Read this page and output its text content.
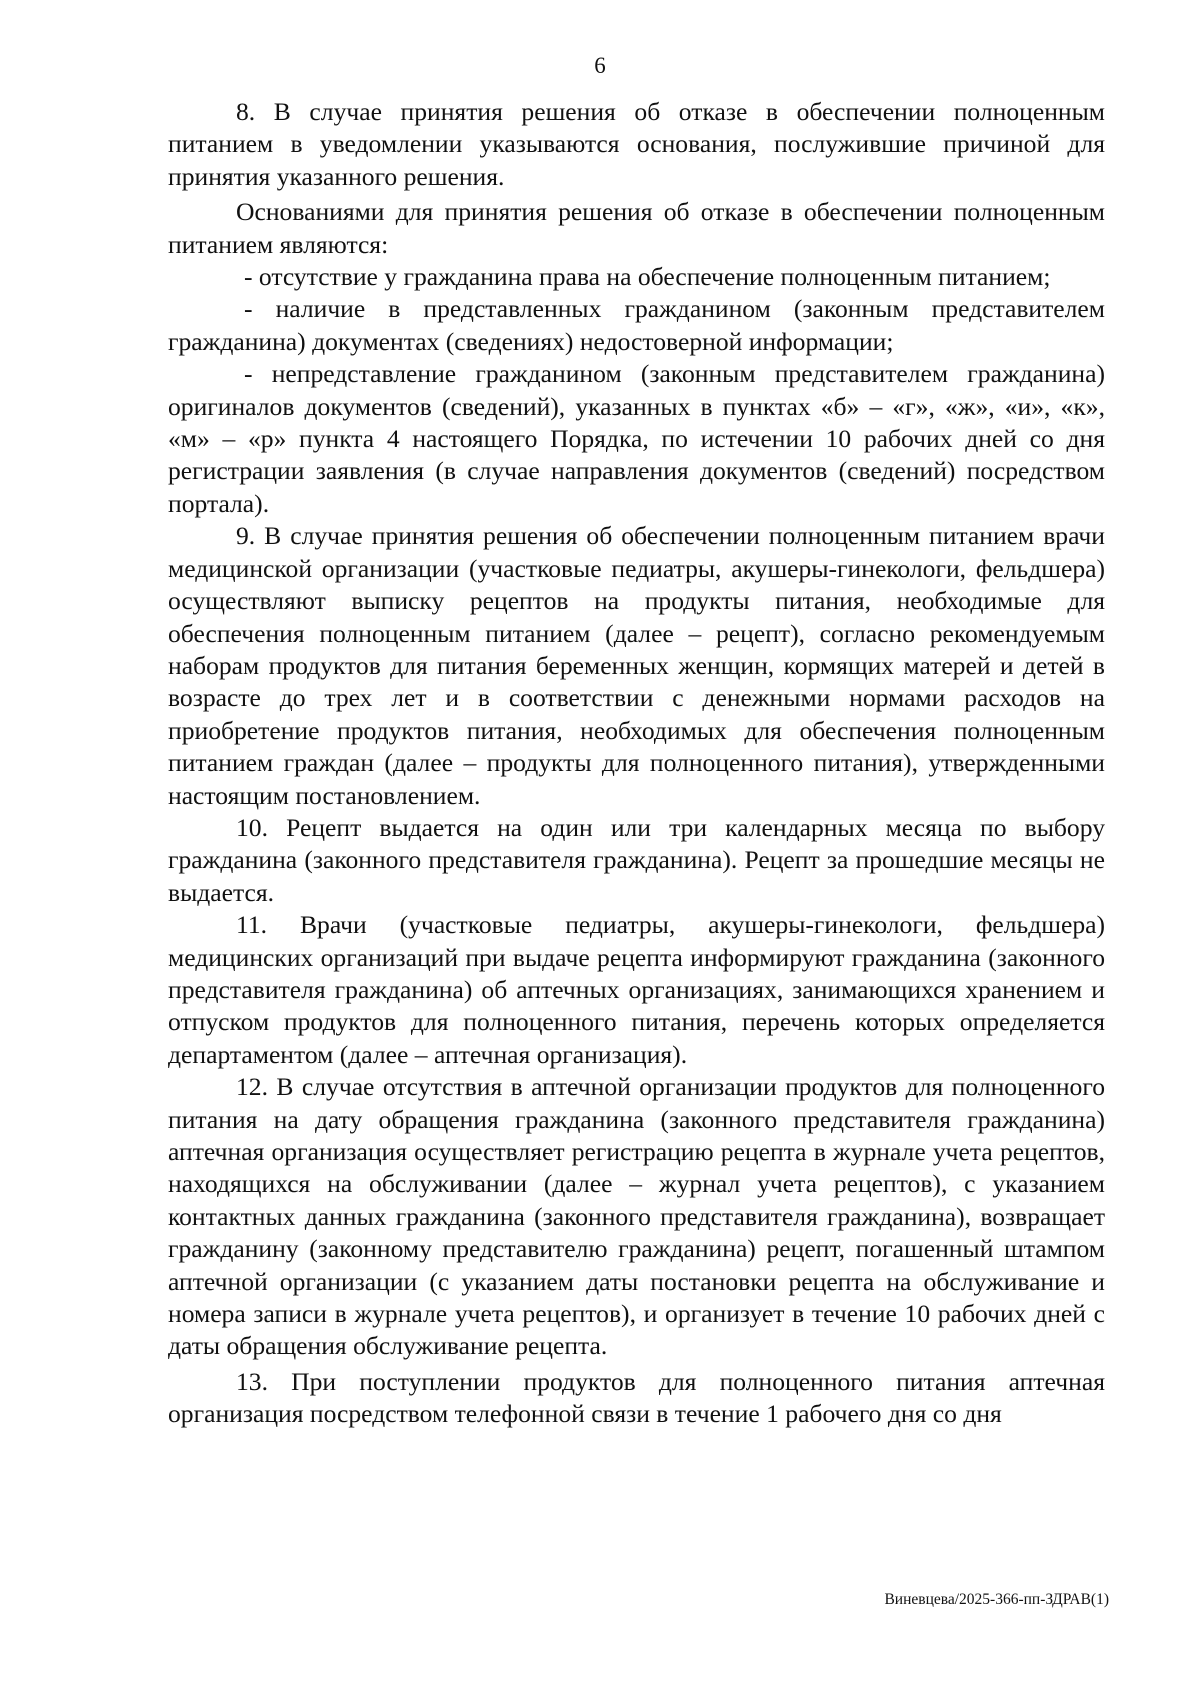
6

8. В случае принятия решения об отказе в обеспечении полноценным питанием в уведомлении указываются основания, послужившие причиной для принятия указанного решения.

Основаниями для принятия решения об отказе в обеспечении полноценным питанием являются:

- отсутствие у гражданина права на обеспечение полноценным питанием;

- наличие в представленных гражданином (законным представителем гражданина) документах (сведениях) недостоверной информации;

- непредставление гражданином (законным представителем гражданина) оригиналов документов (сведений), указанных в пунктах «б» – «г», «ж», «и», «к», «м» – «р» пункта 4 настоящего Порядка, по истечении 10 рабочих дней со дня регистрации заявления (в случае направления документов (сведений) посредством портала).

9. В случае принятия решения об обеспечении полноценным питанием врачи медицинской организации (участковые педиатры, акушеры-гинекологи, фельдшера) осуществляют выписку рецептов на продукты питания, необходимые для обеспечения полноценным питанием (далее – рецепт), согласно рекомендуемым наборам продуктов для питания беременных женщин, кормящих матерей и детей в возрасте до трех лет и в соответствии с денежными нормами расходов на приобретение продуктов питания, необходимых для обеспечения полноценным питанием граждан (далее – продукты для полноценного питания), утвержденными настоящим постановлением.

10. Рецепт выдается на один или три календарных месяца по выбору гражданина (законного представителя гражданина). Рецепт за прошедшие месяцы не выдается.

11. Врачи (участковые педиатры, акушеры-гинекологи, фельдшера) медицинских организаций при выдаче рецепта информируют гражданина (законного представителя гражданина) об аптечных организациях, занимающихся хранением и отпуском продуктов для полноценного питания, перечень которых определяется департаментом (далее – аптечная организация).

12. В случае отсутствия в аптечной организации продуктов для полноценного питания на дату обращения гражданина (законного представителя гражданина) аптечная организация осуществляет регистрацию рецепта в журнале учета рецептов, находящихся на обслуживании (далее – журнал учета рецептов), с указанием контактных данных гражданина (законного представителя гражданина), возвращает гражданину (законному представителю гражданина) рецепт, погашенный штампом аптечной организации (с указанием даты постановки рецепта на обслуживание и номера записи в журнале учета рецептов), и организует в течение 10 рабочих дней с даты обращения обслуживание рецепта.

13. При поступлении продуктов для полноценного питания аптечная организация посредством телефонной связи в течение 1 рабочего дня со дня

Виневцева/2025-366-пп-ЗДРАВ(1)
